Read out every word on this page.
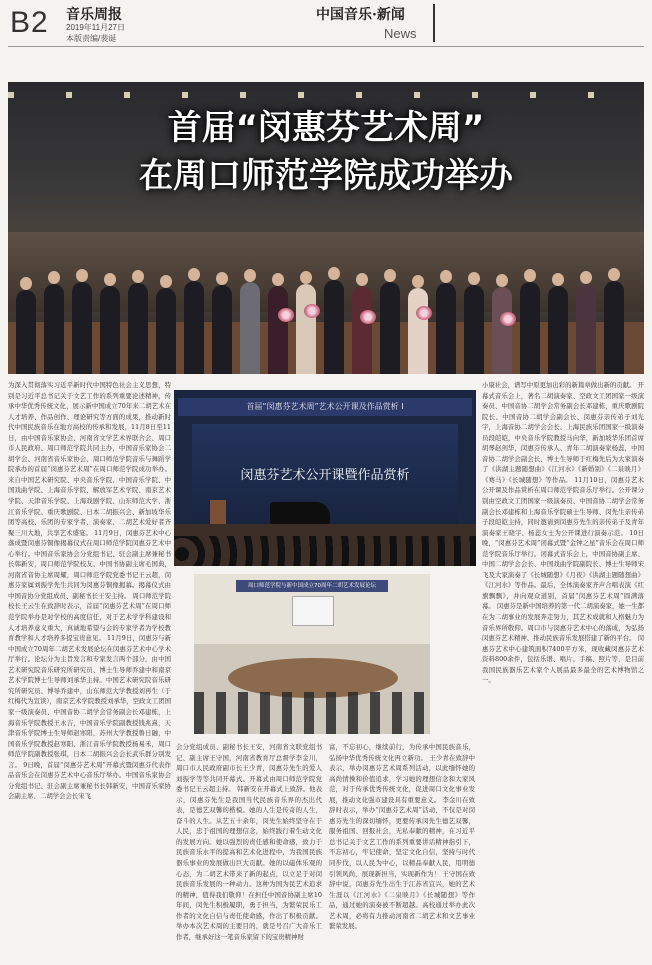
B2 音乐周报
2019年11月27日
本版责编/裴诞
中国音乐·新闻
News
首届“闵惠芬艺术周”
在周口师范学院成功举办
为深入贯彻落实习近平新时代中国特色社会主义思想，特别是习近平总书记关于文艺工作的系列重要论述精神，传承中华优秀传统文化，展示新中国成立70年来二胡艺术在人才培养、作品创作、理论研究等方面的成果，推动新时代中国民族音乐在地方高校的传承和发展，11月8日至11日，由中国音乐家协会、河南省文学艺术界联合会、周口市人民政府、周口师范学院共同主办，中国音乐家协会二胡学会、河南省音乐家协会、周口师范学院音乐与舞蹈学院承办的首届“闵惠芬艺术周”在周口师范学院成功举办。来自中国艺术研究院、中央音乐学院、中国音乐学院、中国戏曲学院、上海音乐学院、解放军艺术学院、南京艺术学院、天津音乐学院、上海戏剧学院、山东师范大学、浙江音乐学院、重庆歌剧院、日本二胡振兴会、新加坡华乐团等高校、乐团的专家学者、演奏家、二胡艺术爱好者齐聚三川大地，共享艺术盛宴。 11月9日，闵惠芬艺术中心落成暨闵惠芬铜像揭幕仪式在周口师范学院闵惠芬艺术中心举行。中国音乐家协会分党组书记、驻会副主席兼秘书长韩新安，周口师范学院校友、中国书协副主席毛国典，河南省音协主席周耀，周口师范学院党委书记王云超，闵惠芬家属刘振学先生共同为闵惠芬铜像揭幕。揭幕仪式由中国音协分党组成员、副秘书长王安主持。 周口师范学院校长王云生在致辞时表示，首届“闵惠芬艺术周”在周口师范学院举办是对学校的高度信任，对于艺术学学科建设和人才培养意义重大，真诚地希望与会的专家学者为学校教育教学和人才培养多提宝贵意见。 11月9日，闵惠芬与新中国成立70周年二胡艺术发展论坛在闵惠芬艺术中心学术厅举行。论坛分为主旨发言和专家发言两个部分，由中国艺术研究院音乐研究所研究员、博士生导师乔建中和南京艺术学院博士生导师刘承华主持。中国艺术研究院音乐研究所研究员、博导乔建中，山东师范大学教授刘再生（于红梅代为宣读），南京艺术学院教授刘承华，空政文工团国家一级演奏员、中国音协二胡学会常务副会长邓建栋，上海音乐学院教授王永吉，中国音乐学院副教授钱兆熹，天津音乐学院博士生导师赵寒阳，苏州大学教授鲁日融，中国音乐学院教授赵寒阳、浙江音乐学院教授杨易禾，周口师范学院副教授张琪，日本二胡振兴会会长武乐群分别发言。 9日晚，首届“闵惠芬艺术周”开幕式暨闵惠芬代表作品音乐会在闵惠芬艺术中心音乐厅举办。中国音乐家协会分党组书记、驻会副主席兼秘书长韩新安，中国音乐家协会副主席、二胡学会会长宋飞
首届“闵惠芬艺术周”艺术公开课及作品赏析 I
闵惠芬艺术公开课暨作品赏析
周口师范学院与新中国成立70周年二胡艺术发展论坛
会分党组成员、副秘书长王安，河南省文联党组书记、副主席王守国，河南省教育厅总督学李金川，周口市人民政府副市长王少青，闵惠芬先生的爱人刘振学等等共同开幕式。开幕式由周口师范学院党委书记王云超主持。 韩新安在开幕式上致辞。他表示，闵惠芬先生是我国当代民族音乐界的杰出代表，是德艺双馨的楷模。她的人生是传奇的人生，奋斗的人生。从艺五十余年，闵先生始终坚守在于人民，忠于祖国的理想信念，始终践行着生动文化的发展方向。她以强烈的责任感和使命感，致力于民族音乐水平的提高和艺术化进程中，为我国民族器乐事业的发展做出巨大贡献。她的以磁体乐观的心态，为二胡艺术带来了新的起点，以立足于对闵民族音乐发展的一种动力。这种为国为民艺术追求的精神，值得我们敬仰！在担任中国音协副主席10年间，闵先生积极履职，勇于担当，为繁荣民乐工作者的文化自信与责任使命感，作出了积极贡献。举办本次艺术周的主要目的，就是号召广大音乐工作者，继承好这一笔音乐家留下的宝贵精神财
富，不忘初心，继续前行，为传承中国民族音乐，弘扬中华优秀传统文化再立新功。 王少青在致辞中表示，举办闵惠芬艺术周系列活动，以此缅怀她的高尚情操和价值追求，学习她的理想信念和大家风范，对于传承优秀传统文化，促进周口文化事业发展，推动文化强市建设具有重要意义。 李金川在致辞时表示，举办“闵惠芬艺术周”活动，不仅是对闵惠芬先生的深切缅怀，更要传承闵先生德艺双馨，服务祖国、回报社会，无私奉献的精神，在习近平总书记关于文艺工作的系列重要讲话精神指引下，不忘初心，牢记使命，坚定文化自信，坚持与时代同步伐，以人民为中心，以精品奉献人民，用明德引领风尚，展现新担当，实现新作为！ 王守国在致辞中说，闵惠芬先生出生于江苏省宜兴，她的艺术生涯以《江河水》《二泉映月》《长城随想》等作品，通过她的演奏被不断超越。高校通过举办此次艺术周，必将有力推动河南省二胡艺术和文艺事业繁荣发展。
小康社会，谱写中原更加出彩的新篇章做出新的贡献。 开幕式音乐会上，著名二胡演奏家、空政文工团国家一级演奏员、中国音协二胡学会常务副会长邓建栋，重庆歌剧院院长、中国音协二胡学会副会长、闵惠芬亲传弟子刘光宇，上海音协二胡学会会长、上海民族乐团国家一级演奏员段皑皑，中央音乐学院教授马向华，新加坡华乐团首席胡琴赵剑华，闵惠芬传承人、青年二胡演奏家杨蕊，中国音协二胡学会副会长、博士生导师于红梅先后为大家演奏了《洪湖主题随想曲》《江河水》《新婚别》《二泉映月》《赛马》《长城随想》等作品。 11月10日，闵惠芬艺术公开课及作品赏析在周口师范学院音乐厅举行。公开课分别由空政文工团国家一级演奏员、中国音协二胡学会常务副会长邓建栋和上海音乐学院硕士生导师、闵先生亲传弟子段皑皑主持，同时邀请到闵惠芬先生的亲传弟子及青年演奏家王晓宇、杨蕊女士为公开课进行演奏示范。 10日晚，“闵惠芬艺术周”闭幕式暨“金钟之星”音乐会在周口师范学院音乐厅举行。闭幕式音乐会上，中国音协副主席、中国二胡学会会长、中国戏曲学院副院长、博士生导师宋飞及大家演奏了《长城随想》《月夜》《洪湖主题随想曲》《江河水》等作品。最后，全体演奏家齐声合唱表演《红旗飘飘》，并向观众道别，首届“闵惠芬艺术周”圆满落幕。 闵惠芬是新中国培养的第一代二胡演奏家，她一生都在为二胡事业的发展奔走努力，其艺术成就和人格魅力为音乐界所敬仰。周口市与闵惠芬艺术中心的落成，为弘扬闵惠芬艺术精神、推动民族音乐发展搭建了新的平台。 闵惠芬艺术中心建筑面积7400平方米，现收藏闵惠芬艺术资料800余件，包括乐谱、唱片、手稿、照片等，是目前我国民族器乐艺术家个人展品最多最全的艺术博物馆之一。
